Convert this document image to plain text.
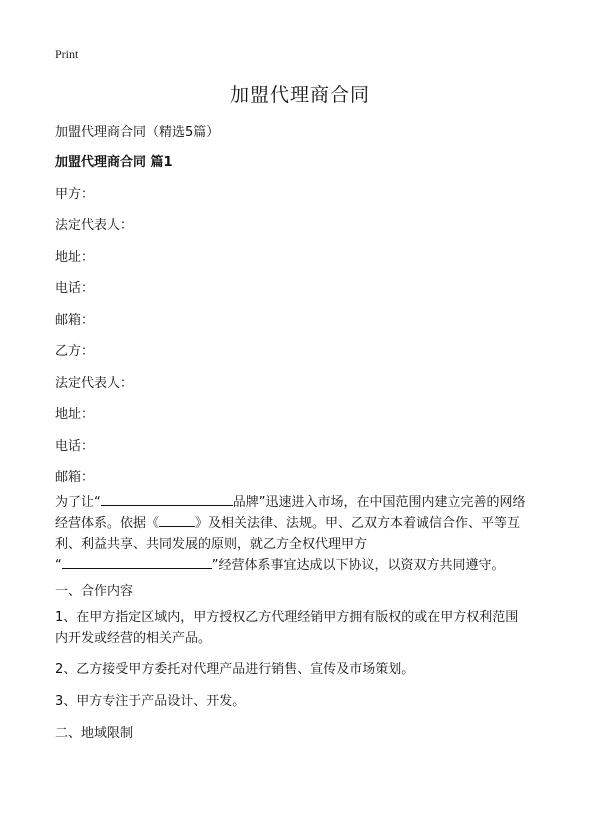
Print
加盟代理商合同
加盟代理商合同（精选5篇）
加盟代理商合同 篇1
甲方：
法定代表人：
地址：
电话：
邮箱：
乙方：
法定代表人：
地址：
电话：
邮箱：
为了让“	品牌”迅速进入市场，在中国范围内建立完善的网络
经营体系。依据《	》及相关法律、法规。甲、乙双方本着诚信合作、平等互
利、利益共享、共同发展的原则，就乙方全权代理甲方
“	”经营体系事宜达成以下协议，以资双方共同遵守。
一、合作内容
1、在甲方指定区域内，甲方授权乙方代理经销甲方拥有版权的或在甲方权利范围
内开发或经营的相关产品。
2、乙方接受甲方委托对代理产品进行销售、宣传及市场策划。
3、甲方专注于产品设计、开发。
二、地域限制
